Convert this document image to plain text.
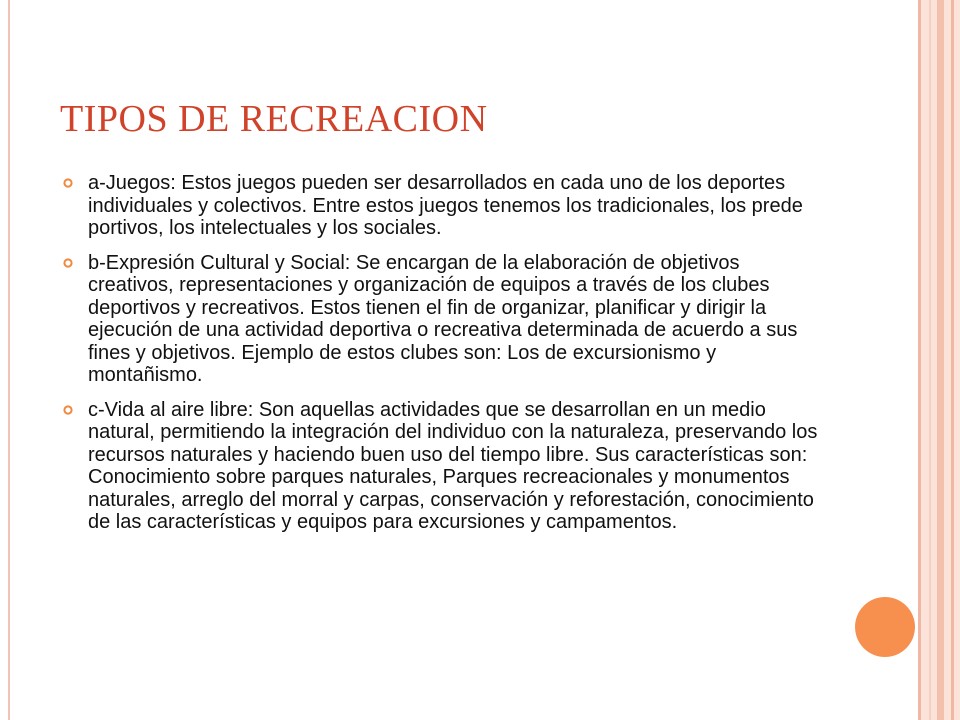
TIPOS DE RECREACION
a-Juegos: Estos juegos pueden ser desarrollados en cada uno de los deportes individuales y colectivos. Entre estos juegos tenemos los tradicionales, los prede portivos, los intelectuales y los sociales.
b-Expresión Cultural y Social: Se encargan de la elaboración de objetivos creativos, representaciones y organización de equipos a través de los clubes deportivos y recreativos. Estos tienen el fin de organizar, planificar y dirigir la ejecución de una actividad deportiva o recreativa determinada de acuerdo a sus fines y objetivos. Ejemplo de estos clubes son: Los de excursionismo y montañismo.
c-Vida al aire libre: Son aquellas actividades que se desarrollan en un medio natural, permitiendo la integración del individuo con la naturaleza, preservando los recursos naturales y haciendo buen uso del tiempo libre. Sus características son: Conocimiento sobre parques naturales, Parques recreacionales y monumentos naturales, arreglo del morral y carpas, conservación y reforestación, conocimiento de las características y equipos para excursiones y campamentos.
